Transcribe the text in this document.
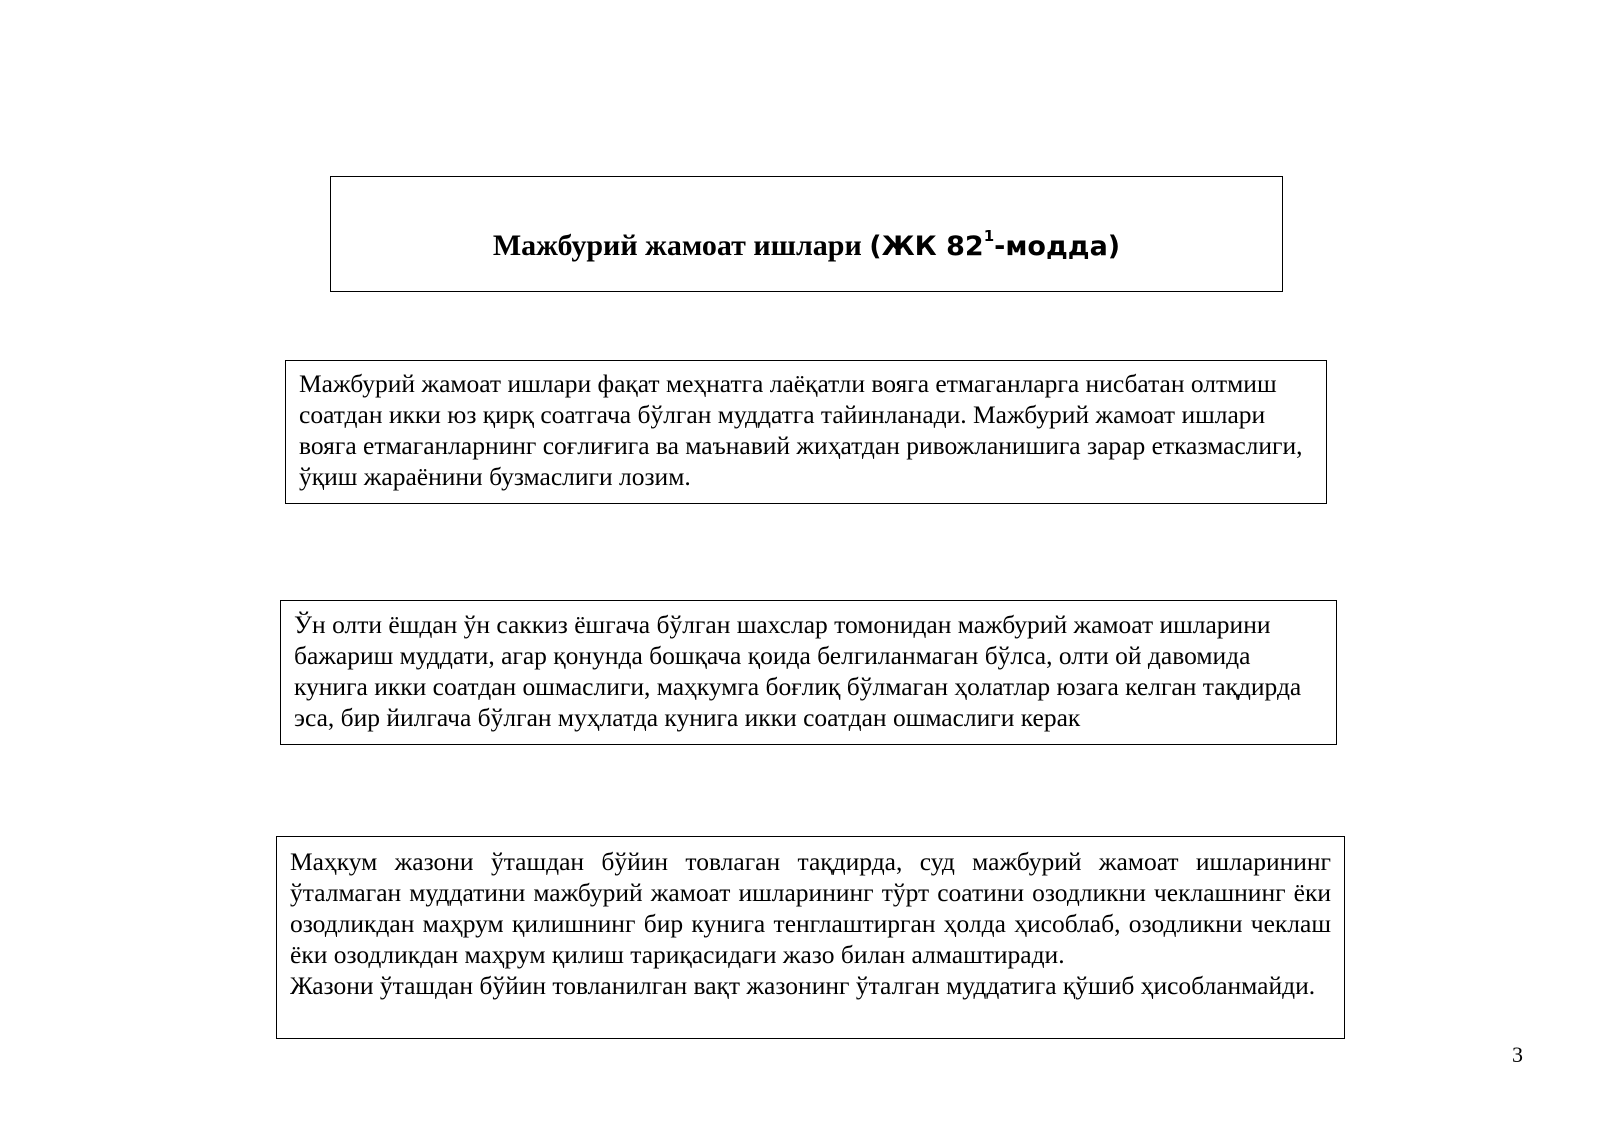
Мажбурий жамоат ишлари (ЖК $82^1-модда$)

Мажбурий жамоат ишлари фақат меҳнатга лаёқатли вояга етмаганларга нисбатан олтмиш соатдан икки юз қирқ соатгача бўлган муддатга тайинланади. Мажбурий жамоат ишлари вояга етмаганларнинг соғлиғига ва маънавий жиҳатдан ривожланишига зарар етказмаслиги, ўқиш жараёнини бузмаслиги лозим.

Ўн олти ёшдан ўн саккиз ёшгача бўлган шахслар томонидан мажбурий жамоат ишларини бажариш муддати, агар қонунда бошқача қоида белгиланмаган бўлса, олти ой давомида кунига икки соатдан ошмаслиги, маҳкумга боғлиқ бўлмаган ҳолатлар юзага келган тақдирда эса, бир йилгача бўлган муҳлатда кунига икки соатдан ошмаслиги керак

Маҳкум жазони ўташдан бўйин товлаган тақдирда, суд мажбурий жамоат ишларининг ўталмаган муддатини мажбурий жамоат ишларининг тўрт соатини озодликни чеклашнинг ёки озодликдан маҳрум қилишнинг бир кунига тенглаштирган ҳолда ҳисоблаб, озодликни чеклаш ёки озодликдан маҳрум қилиш тариқасидаги жазо билан алмаштиради.

Жазони ўташдан бўйин товланилган вақт жазонинг ўталган муддатига қўшиб ҳисобланмайди.

3
